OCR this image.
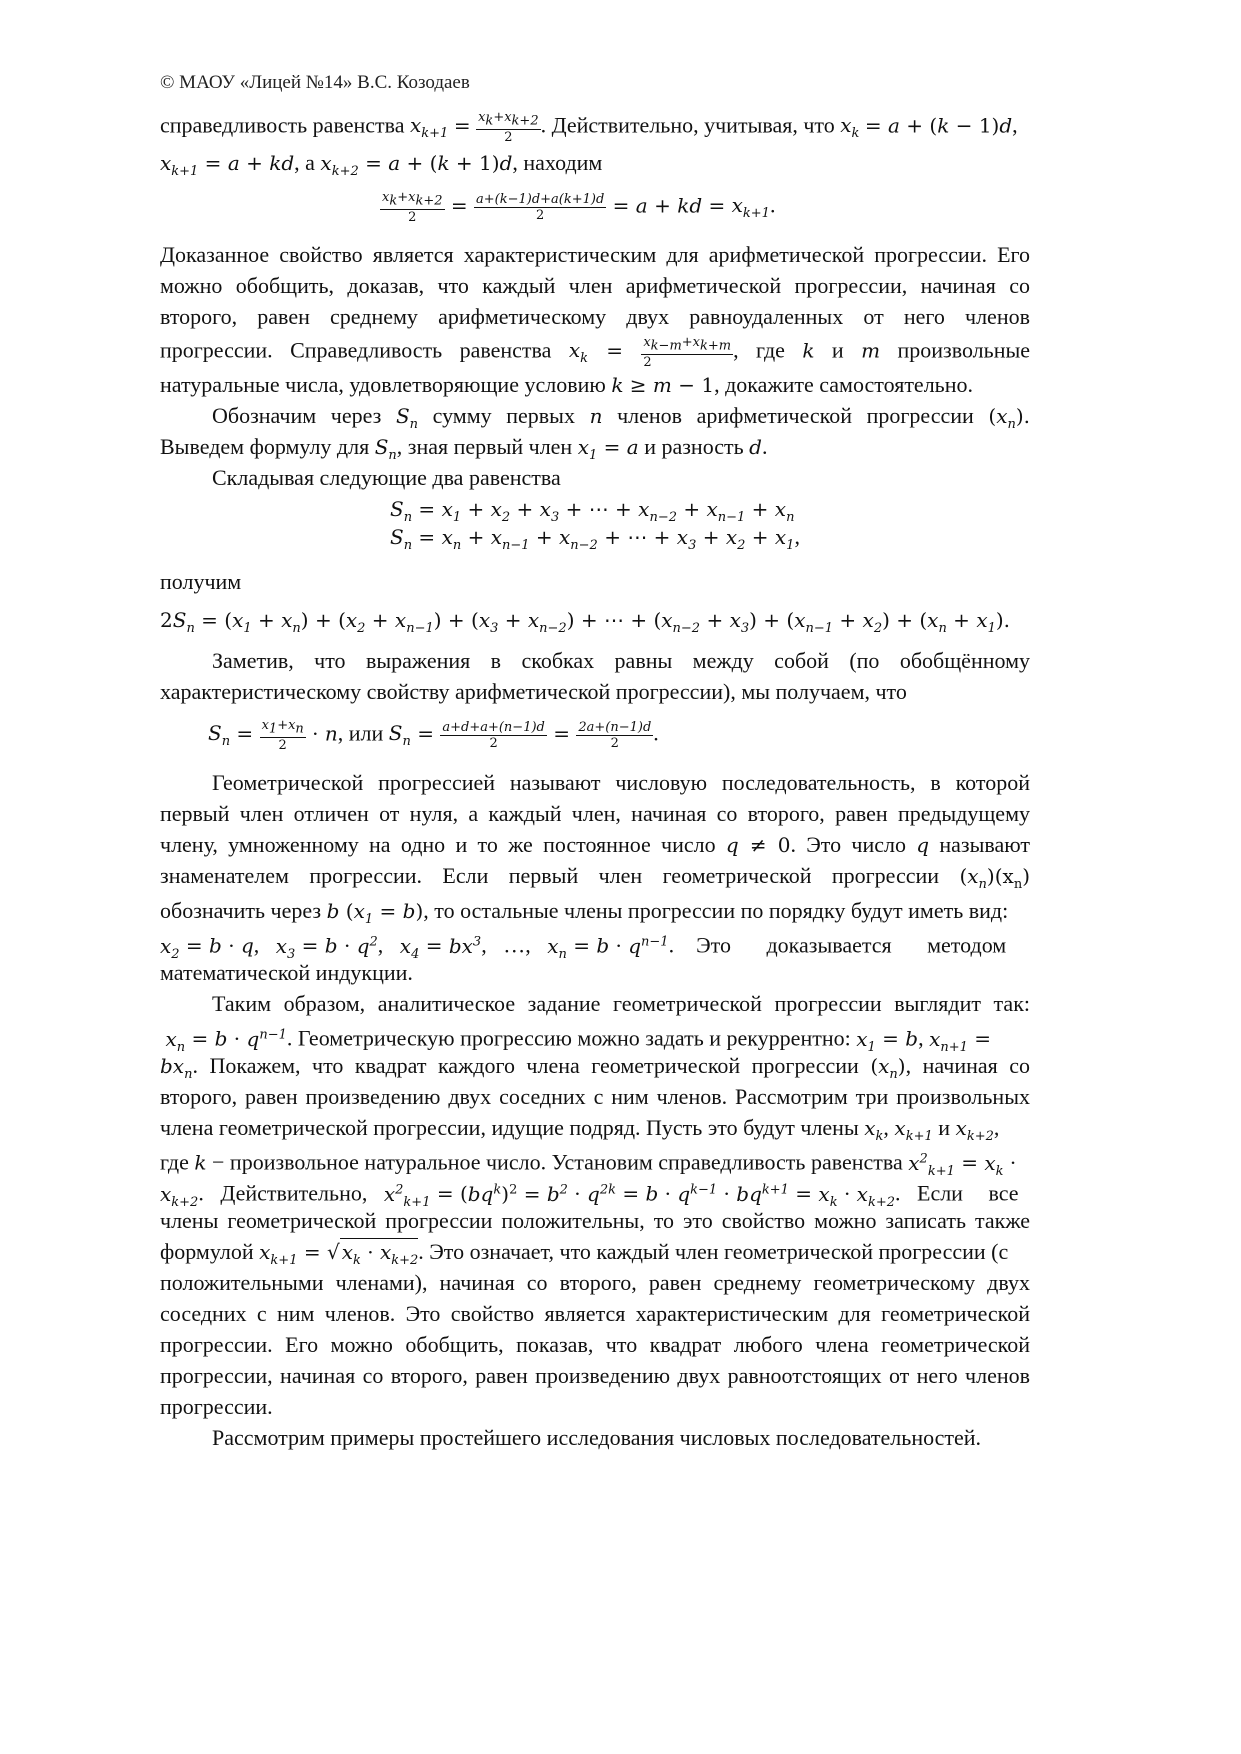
© МАОУ «Лицей №14» В.С. Козодаев
справедливость равенства $x_{k+1} = \frac{x_k+x_{k+2}}{2}$ . Действительно, учитывая, что $x_k = a + (k - 1)d$,
$x_{k+1} = a$ + kd, а $x_{k+2} = a + (k + 1)d$, находим
$\frac{x_k+x_{k+2}}{2} = \frac{a+(k-1)d+a(k+1)d}{2} = a$ + kd = $x_{k+1}$.
Доказанное свойство является характеристическим для арифметической прогрессии. Его
можно обобщить, доказав, что каждый член арифметической прогрессии, начиная со
второго, равен среднему арифметическому двух равноудаленных от него членов
прогрессии. Справедливость равенства $x_k = \frac{x_{k-m}+x_{k+m}}{2}$ , где k и m произвольные
натуральные числа, удовлетворяющие условию k ≥ m − 1, докажите самостоятельно.
Обозначим через $S_n$ сумму первых n членов арифметической прогрессии $(x_n)$.
Выведем формулу для $S_n$, зная первый член $x_1 = a$ и разность d.
Складывая следующие два равенства
$S_n = x_1 + x_2 + x_3$ + ⋯ + $x_{n-2} + x_{n-1} + x_n$
$S_n = x_n + x_{n-1} + x_{n-2}$ + ⋯ + $x_3 + x_2 + x_1$,
получим
$2S_n = (x_1 + x_n) + (x_2 + x_{n-1}) + (x_3 + x_{n-2})$ + ⋯ + $(x_{n-2} + x_3) + (x_{n-1} + x_2) + (x_n + x_1)$.
Заметив, что выражения в скобках равны между собой (по обобщённому
характеристическому свойству арифметической прогрессии), мы получаем, что
$S_n = \frac{x_1+x_n}{2} \cdot n$, или $S_n = \frac{a+d+a+(n-1)d}{2} = \frac{2a+(n-1)d}{2}$ .
Геометрической прогрессией называют числовую последовательность, в которой
первый член отличен от нуля, а каждый член, начиная со второго, равен предыдущему
члену, умноженному на одно и то же постоянное число q ≠ 0. Это число q называют
знаменателем прогрессии. Если первый член геометрической прогрессии $(x_n)(x_n)$
обозначить через b $(x_1 = b)$, то остальные члены прогрессии по порядку будут иметь вид:
$x_2 = b \cdot q$,   $x_3 = b \cdot q^2$,   $x_4 = bx^3$,   …,   $x_n = b \cdot q^{n-1}$.    Это доказывается методом
математической индукции.
Таким образом, аналитическое задание геометрической прогрессии выглядит так:
$x_n = b \cdot q^{n-1}$. Геометрическую прогрессию можно задать и рекуррентно: $x_1 = b$, $x_{n+1}$ =
$bx_n$. Покажем, что квадрат каждого члена геометрической прогрессии $(x_n)$, начиная со
второго, равен произведению двух соседних с ним членов. Рассмотрим три произвольных
члена геометрической прогрессии, идущие подряд. Пусть это будут члены $x_k$, $x_{k+1}$ и $x_{k+2}$,
где k − произвольное натуральное число. Установим справедливость равенства $x^2_{k+1} = x_k$ ·
$x_{k+2}$.   Действительно, $x^2_{k+1} = (bq^k)^2 = b^2 \cdot q^{2k} = b \cdot q^{k-1} \cdot bq^{k+1} = x_k \cdot x_{k+2}$.   Если все
члены геометрической прогрессии положительны, то это свойство можно записать также
формулой $x_{k+1}$ = √ $x_k \cdot x_{k+2}$. Это означает, что каждый член геометрической прогрессии (с
положительными членами), начиная со второго, равен среднему геометрическому двух
соседних с ним членов. Это свойство является характеристическим для геометрической
прогрессии. Его можно обобщить, показав, что квадрат любого члена геометрической
прогрессии, начиная со второго, равен произведению двух равноотстоящих от него членов
прогрессии.
Рассмотрим примеры простейшего исследования числовых последовательностей.
